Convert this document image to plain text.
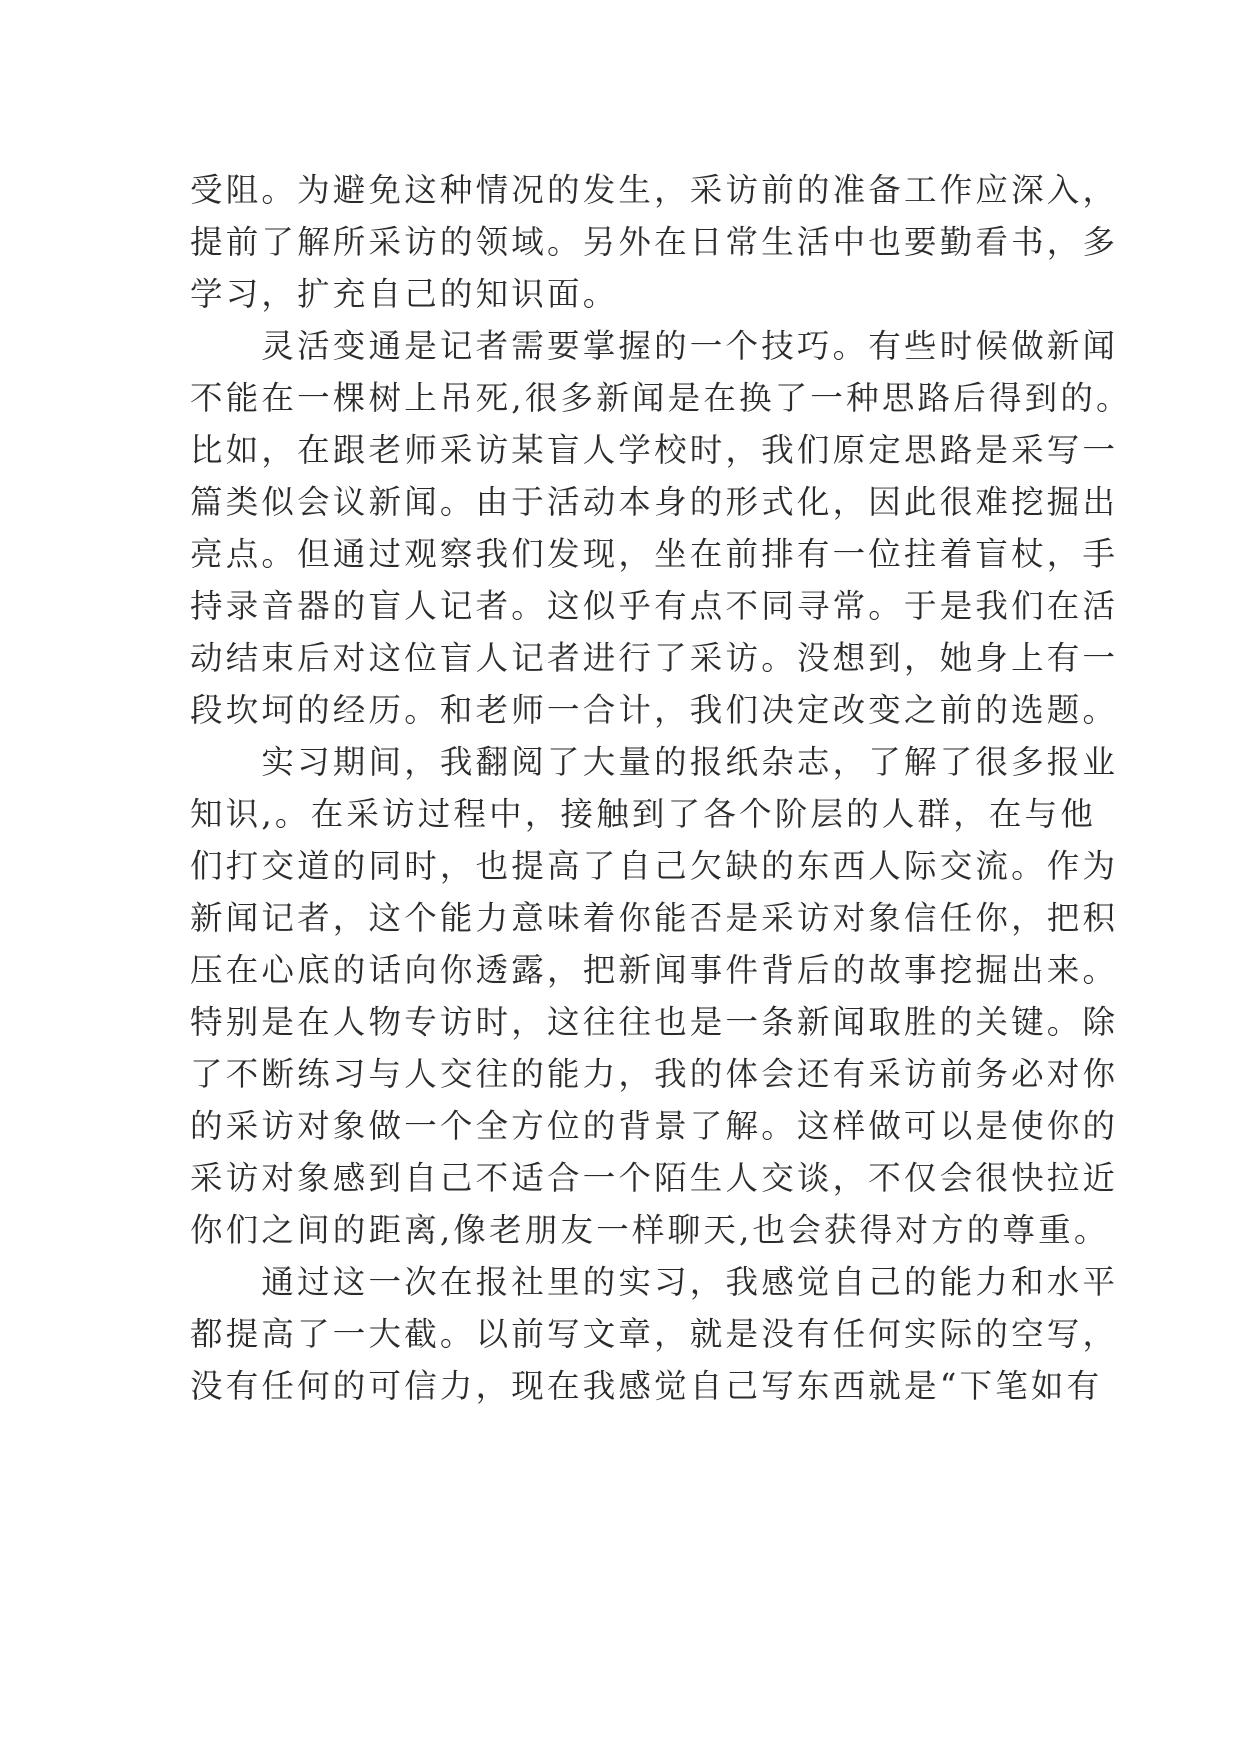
受阻。为避免这种情况的发生，采访前的准备工作应深入，
提前了解所采访的领域。另外在日常生活中也要勤看书，多
学习，扩充自己的知识面。
　　灵活变通是记者需要掌握的一个技巧。有些时候做新闻
不能在一棵树上吊死,很多新闻是在换了一种思路后得到的。
比如，在跟老师采访某盲人学校时，我们原定思路是采写一
篇类似会议新闻。由于活动本身的形式化，因此很难挖掘出
亮点。但通过观察我们发现，坐在前排有一位拄着盲杖，手
持录音器的盲人记者。这似乎有点不同寻常。于是我们在活
动结束后对这位盲人记者进行了采访。没想到，她身上有一
段坎坷的经历。和老师一合计，我们决定改变之前的选题。
　　实习期间，我翻阅了大量的报纸杂志，了解了很多报业
知识,。在采访过程中，接触到了各个阶层的人群，在与他
们打交道的同时，也提高了自己欠缺的东西人际交流。作为
新闻记者，这个能力意味着你能否是采访对象信任你，把积
压在心底的话向你透露，把新闻事件背后的故事挖掘出来。
特别是在人物专访时，这往往也是一条新闻取胜的关键。除
了不断练习与人交往的能力，我的体会还有采访前务必对你
的采访对象做一个全方位的背景了解。这样做可以是使你的
采访对象感到自己不适合一个陌生人交谈，不仅会很快拉近
你们之间的距离,像老朋友一样聊天,也会获得对方的尊重。
　　通过这一次在报社里的实习，我感觉自己的能力和水平
都提高了一大截。以前写文章，就是没有任何实际的空写，
没有任何的可信力，现在我感觉自己写东西就是“下笔如有
